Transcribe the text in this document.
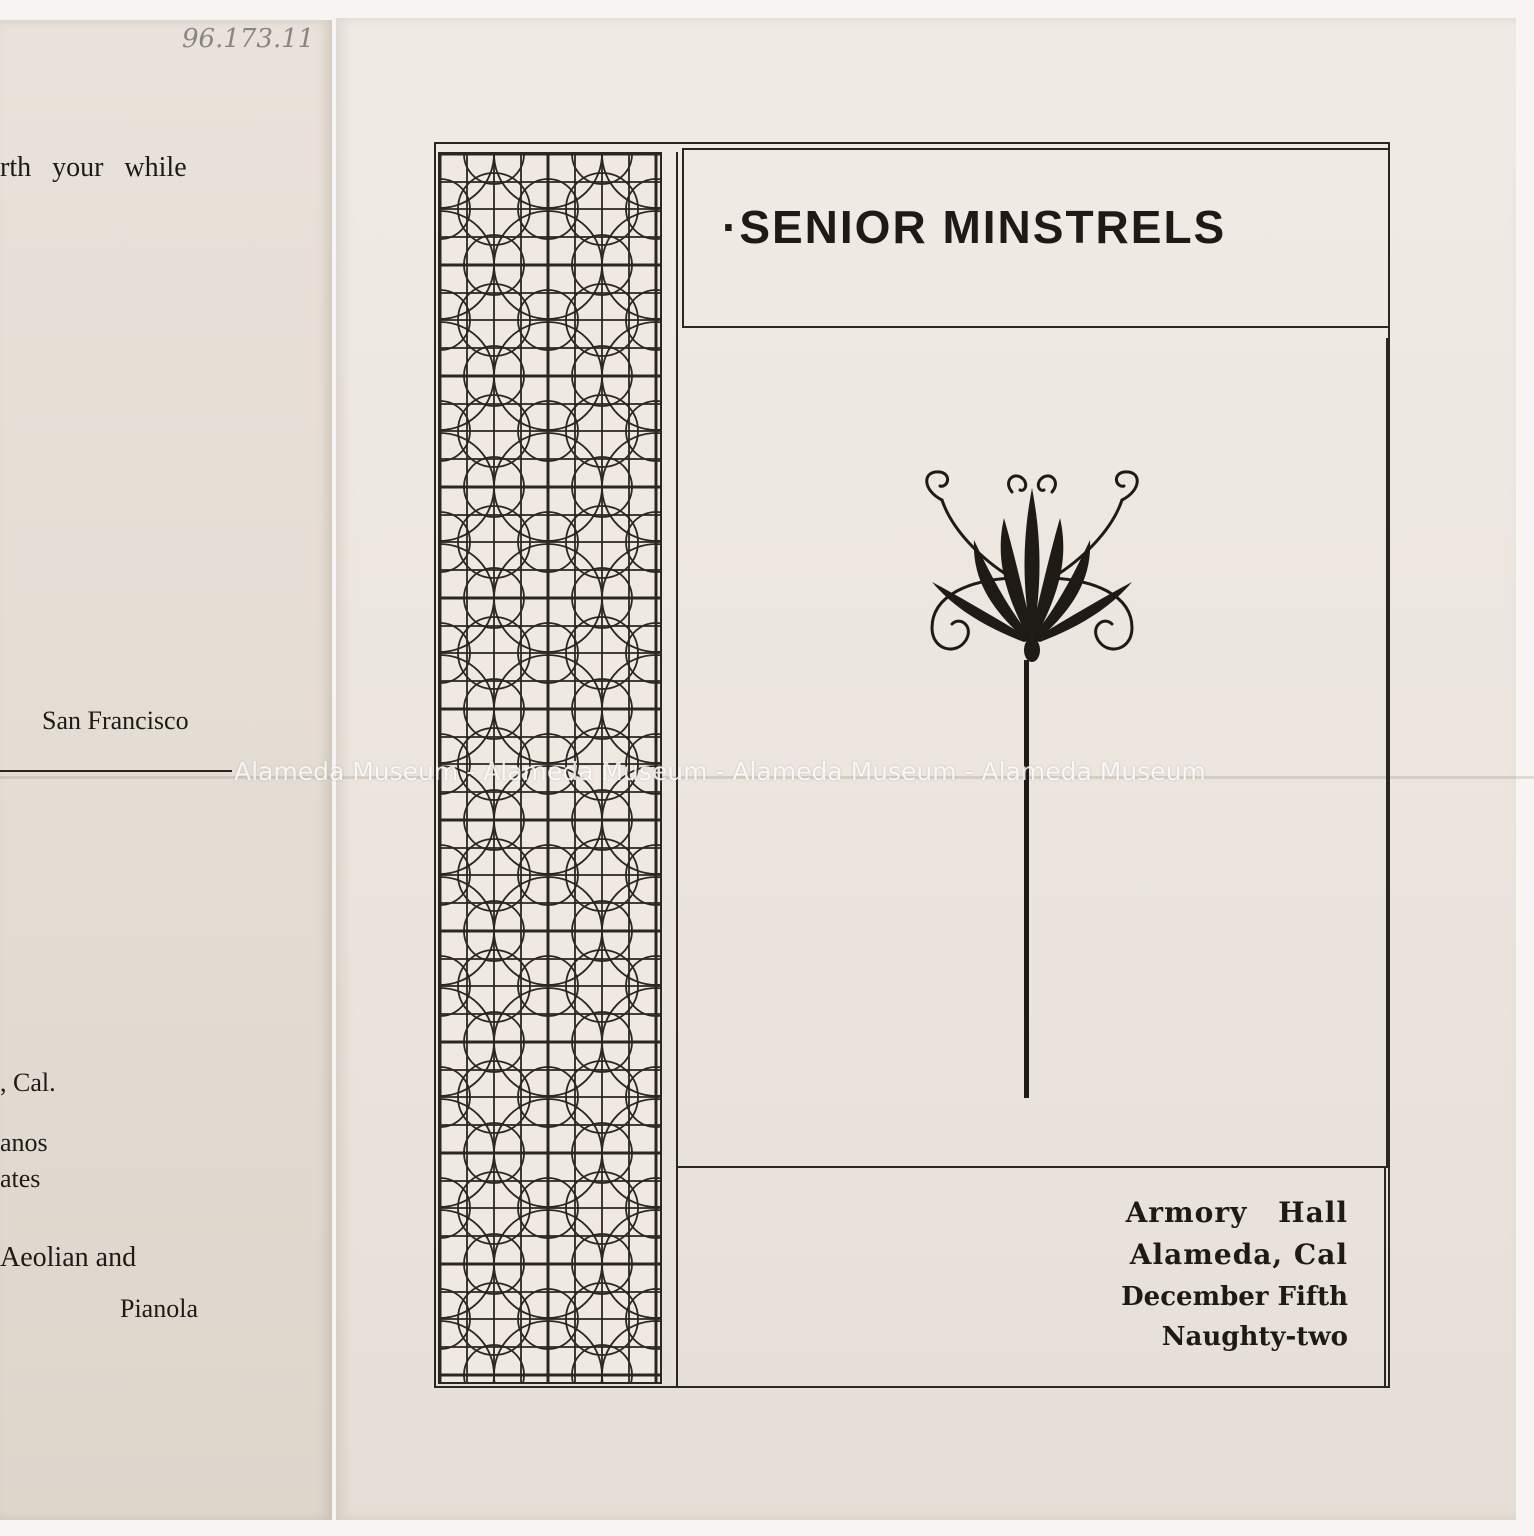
96.173.11
rth your while
San Francisco
, Cal.
anos
ates
Aeolian and
Pianola
·SENIOR MINSTRELS
Armory Hall
Alameda, Cal
December Fifth
Naughty-two
Alameda Museum - Alameda Museum - Alameda Museum - Alameda Museum
